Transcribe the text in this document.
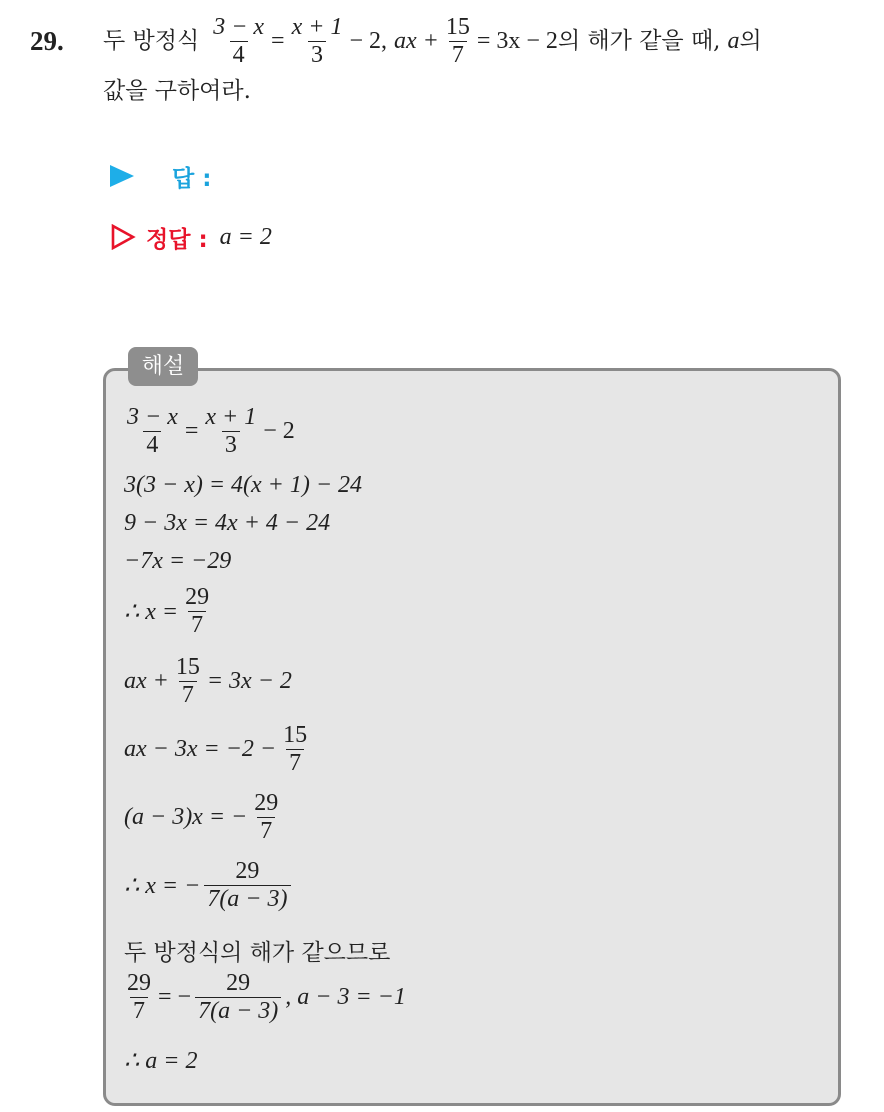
29. 두 방정식 $\frac{3 - x}{4} = \frac{x + 1}{3} - 2$, ax + $\frac{15}{7} = 3x - 2$ 의 해가 같을 때, a 의
값을 구하여라.
답 :
정답 : a = 2
해설
$\frac{3 - x}{4} = \frac{x + 1}{3} - 2$
3(3 − x) = 4(x + 1) − 24
9 − 3x = 4x + 4 − 24
−7x = −29
∴ $x = \frac{29}{7}$
ax + $\frac{15}{7} = 3x - 2$
ax − $3x = -2 - \frac{15}{7}$
(a − 3)x = − $\frac{29}{7}$
∴ x = − $\frac{29}{7(a - 3)}$
두 방정식의 해가 같으므로
$\frac{29}{7}$ = − $\frac{29}{7(a - 3)}$ , a − 3 = −1
∴ a = 2
